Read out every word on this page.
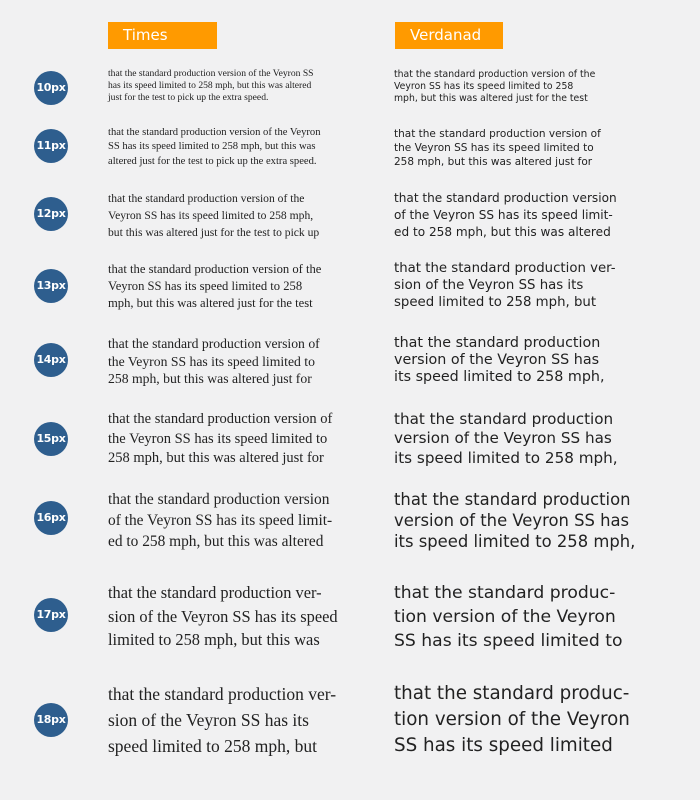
Times	Verdanad
10px
that the standard production version of the Veyron SS
has its speed limited to 258 mph, but this was altered
just for the test to pick up the extra speed.
that the standard production version of the
Veyron SS has its speed limited to 258
mph, but this was altered just for the test
11px
that the standard production version of the Veyron
SS has its speed limited to 258 mph, but this was
altered just for the test to pick up the extra speed.
that the standard production version of
the Veyron SS has its speed limited to
258 mph, but this was altered just for
12px
that the standard production version of the
Veyron SS has its speed limited to 258 mph,
but this was altered just for the test to pick up
that the standard production version
of the Veyron SS has its speed limit-
ed to 258 mph, but this was altered
13px
that the standard production version of the
Veyron SS has its speed limited to 258
mph, but this was altered just for the test
that the standard production ver-
sion of the Veyron SS has its
speed limited to 258 mph, but
14px
that the standard production version of
the Veyron SS has its speed limited to
258 mph, but this was altered just for
that the standard production
version of the Veyron SS has
its speed limited to 258 mph,
15px
that the standard production version of
the Veyron SS has its speed limited to
258 mph, but this was altered just for
that the standard production
version of the Veyron SS has
its speed limited to 258 mph,
16px
that the standard production version
of the Veyron SS has its speed limit-
ed to 258 mph, but this was altered
that the standard production
version of the Veyron SS has
its speed limited to 258 mph,
17px
that the standard production ver-
sion of the Veyron SS has its speed
limited to 258 mph, but this was
that the standard produc-
tion version of the Veyron
SS has its speed limited to
18px
that the standard production ver-
sion of the Veyron SS has its
speed limited to 258 mph, but
that the standard produc-
tion version of the Veyron
SS has its speed limited
